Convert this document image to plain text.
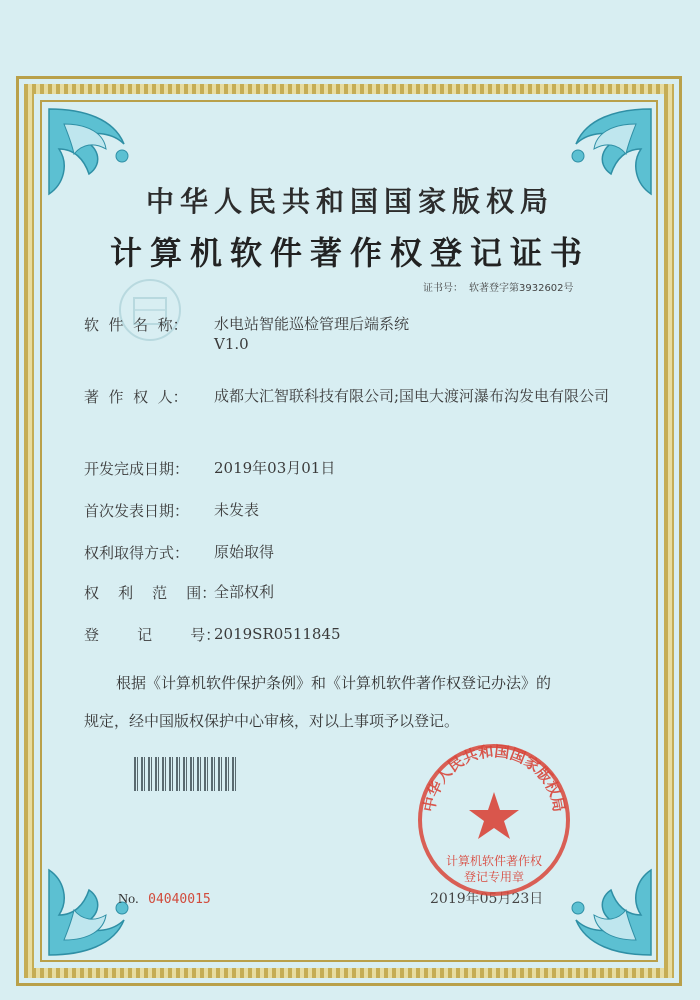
中华人民共和国国家版权局
计算机软件著作权登记证书
证书号： 软著登字第3932602号
软  件  名  称： 水电站智能巡检管理后端系统
V1.0
著  作  权  人： 成都大汇智联科技有限公司;国电大渡河瀑布沟发电有限公司
开发完成日期： 2019年03月01日
首次发表日期： 未发表
权利取得方式： 原始取得
权    利    范    围：
全部权利
登        记        号：
2019SR0511845
根据《计算机软件保护条例》和《计算机软件著作权登记办法》的
规定，经中国版权保护中心审核，对以上事项予以登记。
No. 04040015	2019年05月23日
中华人民共和国国家版权局
计算机软件著作权
登记专用章
